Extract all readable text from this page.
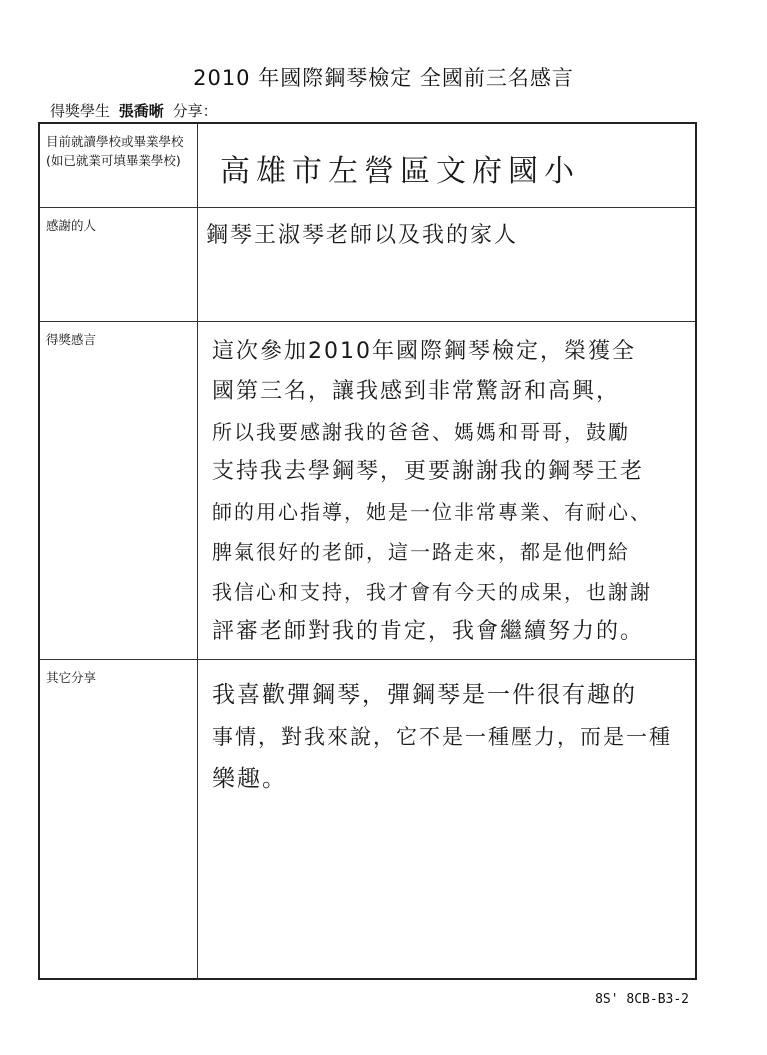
2010 年國際鋼琴檢定 全國前三名感言
得獎學生 張喬晰 分享：
目前就讀學校或畢業學校(如已就業可填畢業學校)	高雄市左營區文府國小
感謝的人	鋼琴王淑琴老師以及我的家人
得獎感言	這次參加2010年國際鋼琴檢定，榮獲全
國第三名，讓我感到非常驚訝和高興，
所以我要感謝我的爸爸、媽媽和哥哥，鼓勵
支持我去學鋼琴，更要謝謝我的鋼琴王老
師的用心指導，她是一位非常專業、有耐心、
脾氣很好的老師，這一路走來，都是他們給
我信心和支持，我才會有今天的成果，也謝謝
評審老師對我的肯定，我會繼續努力的。
其它分享
我喜歡彈鋼琴，彈鋼琴是一件很有趣的
事情，對我來說，它不是一種壓力，而是一種
樂趣。
8S' 8CB-B3-2
